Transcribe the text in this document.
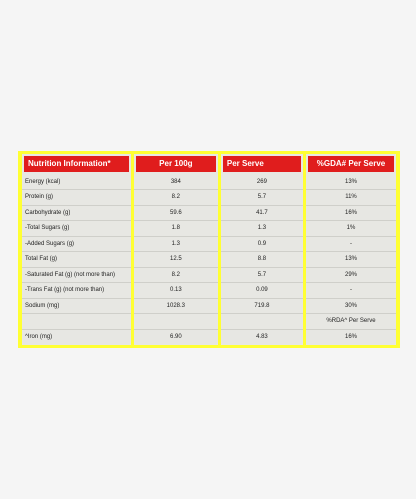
Nutrition Information*
Energy (kcal)
Protein (g)
Carbohydrate (g)
-Total Sugars (g)
-Added Sugars (g)
Total Fat (g)
-Saturated Fat (g) (not more than)
-Trans Fat (g) (not more than)
Sodium (mg)
^Iron (mg)
Per 100g
384
8.2
59.6
1.8
1.3
12.5
8.2
0.13
1028.3
6.90
Per Serve
269
5.7
41.7
1.3
0.9
8.8
5.7
0.09
719.8
4.83
%GDA# Per Serve
13%
11%
16%
1%
-
13%
29%
-
30%
%RDA^ Per Serve
16%
